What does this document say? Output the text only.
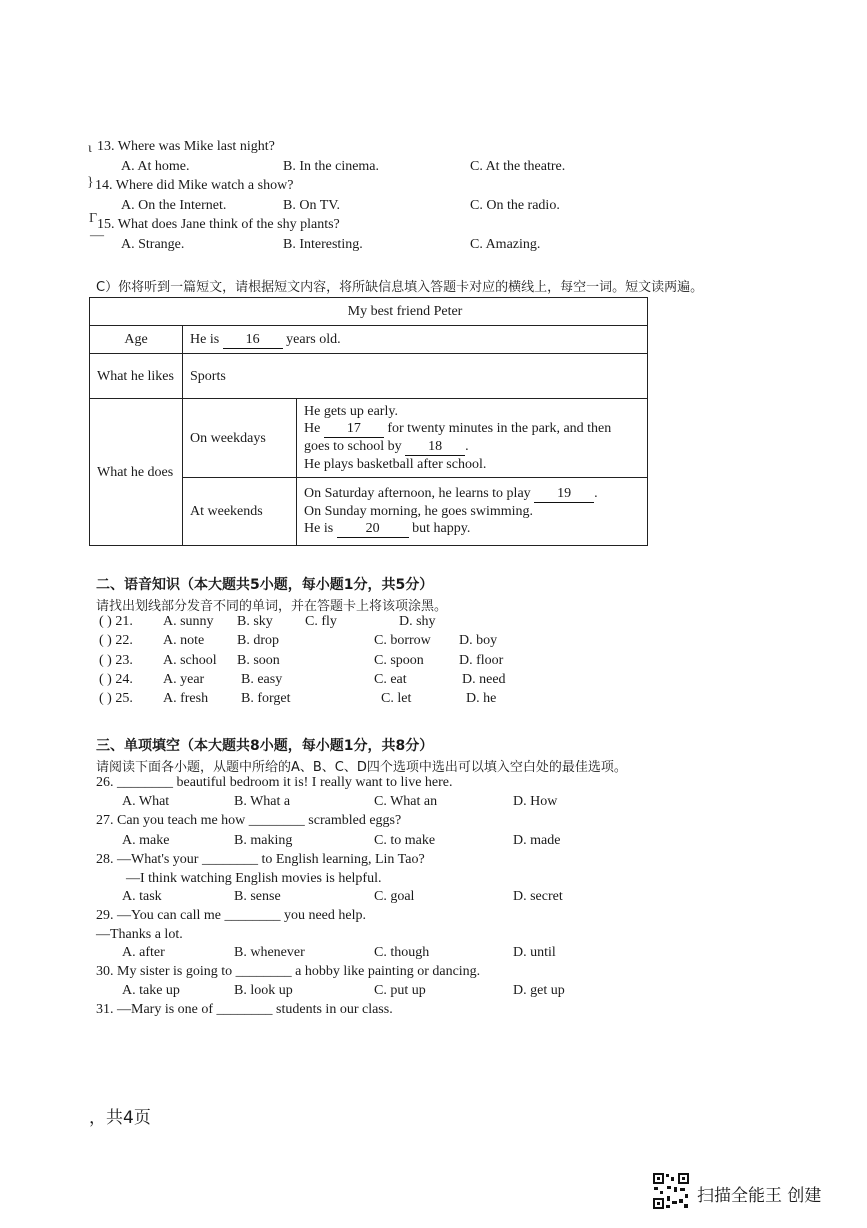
ι 13. Where was Mike last night?
A. At home.	B. In the cinema.	C. At the theatre.
} 14. Where did Mike watch a show?
A. On the Internet.	B. On TV.	C. On the radio.
Γ 15. What does Jane think of the shy plants?
—
A. Strange.	B. Interesting.	C. Amazing.
C）你将听到一篇短文，请根据短文内容，将所缺信息填入答题卡对应的横线上，每空一词。短文读两遍。
My best friend Peter		
Age	He is 16 years old.	
What he likes	Sports	
What he does	On weekdays	He gets up early.
He 17 for twenty minutes in the park, and then
goes to school by 18 .
He plays basketball after school.

	At weekends	On Saturday afternoon, he learns to play 19 .
On Sunday morning, he goes swimming.
He is 20 but happy.
二、语音知识（本大题共5小题，每小题1分，共5分）
请找出划线部分发音不同的单词，并在答题卡上将该项涂黑。
( ) 21. A. sunny B. sky C. fly	D. shy
( ) 22. A. note B. drop	C. borrow D. boy
( ) 23. A. school B. soon	C. spoon	D. floor
( ) 24. A. year	B. easy	C. eat	D. need
( ) 25. A. fresh B. forget	C. let	D. he
三、单项填空（本大题共8小题，每小题1分，共8分）
请阅读下面各小题，从题中所给的A、B、C、D四个选项中选出可以填入空白处的最佳选项。
26. ________ beautiful bedroom it is! I really want to live here.
A. What	B. What a	C. What an	D. How
27. Can you teach me how ________ scrambled eggs?
A. make	B. making	C. to make	D. made
28. —What's your ________ to English learning, Lin Tao?
—I think watching English movies is helpful.
A. task	B. sense	C. goal	D. secret
29. —You can call me ________ you need help.
—Thanks a lot.
A. after	B. whenever	C. though	D. until
30. My sister is going to ________ a hobby like painting or dancing.
A. take up	B. look up	C. put up	D. get up
31. —Mary is one of ________ students in our class.
，共4页
扫描全能王 创建
